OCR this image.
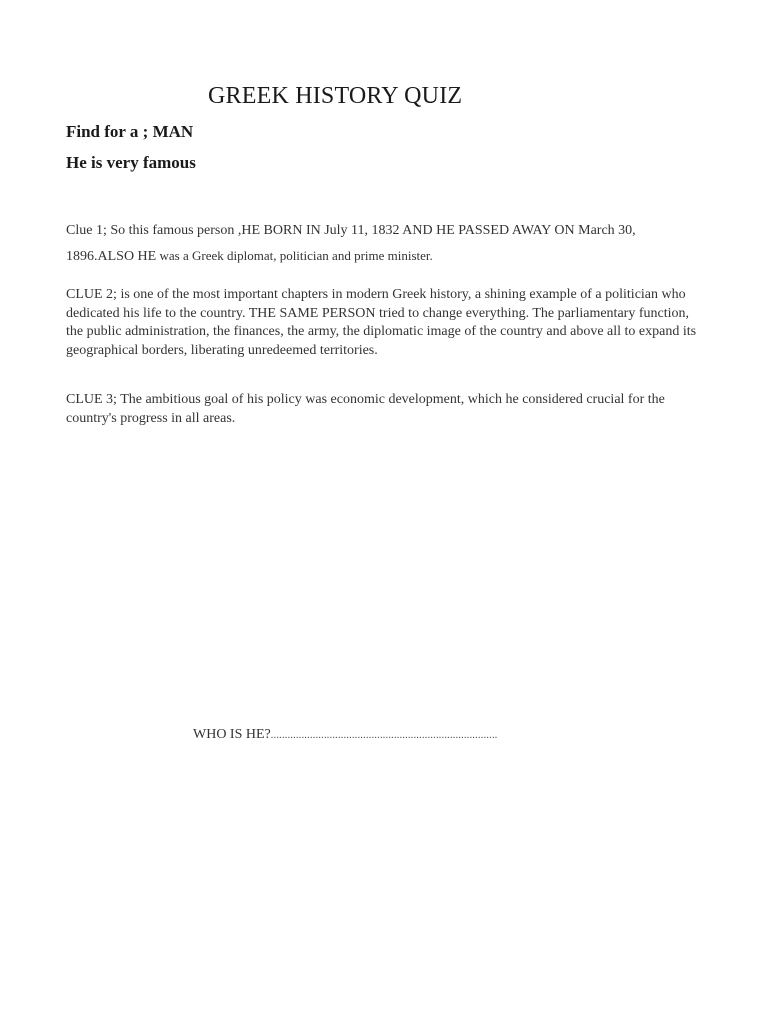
GREEK HISTORY QUIZ
Find for a ; MAN
He is very famous
Clue 1; So this famous person ,HE BORN IN July 11, 1832 AND HE PASSED AWAY ON March 30, 1896.ALSO HE was a Greek diplomat, politician and prime minister.
CLUE 2; is one of the most important chapters in modern Greek history, a shining example of a politician who dedicated his life to the country. THE SAME PERSON tried to change everything. The parliamentary function, the public administration, the finances, the army, the diplomatic image of the country and above all to expand its geographical borders, liberating unredeemed territories.
CLUE 3; The ambitious goal of his policy was economic development, which he considered crucial for the country's progress in all areas.
WHO IS HE?.................................................................................
